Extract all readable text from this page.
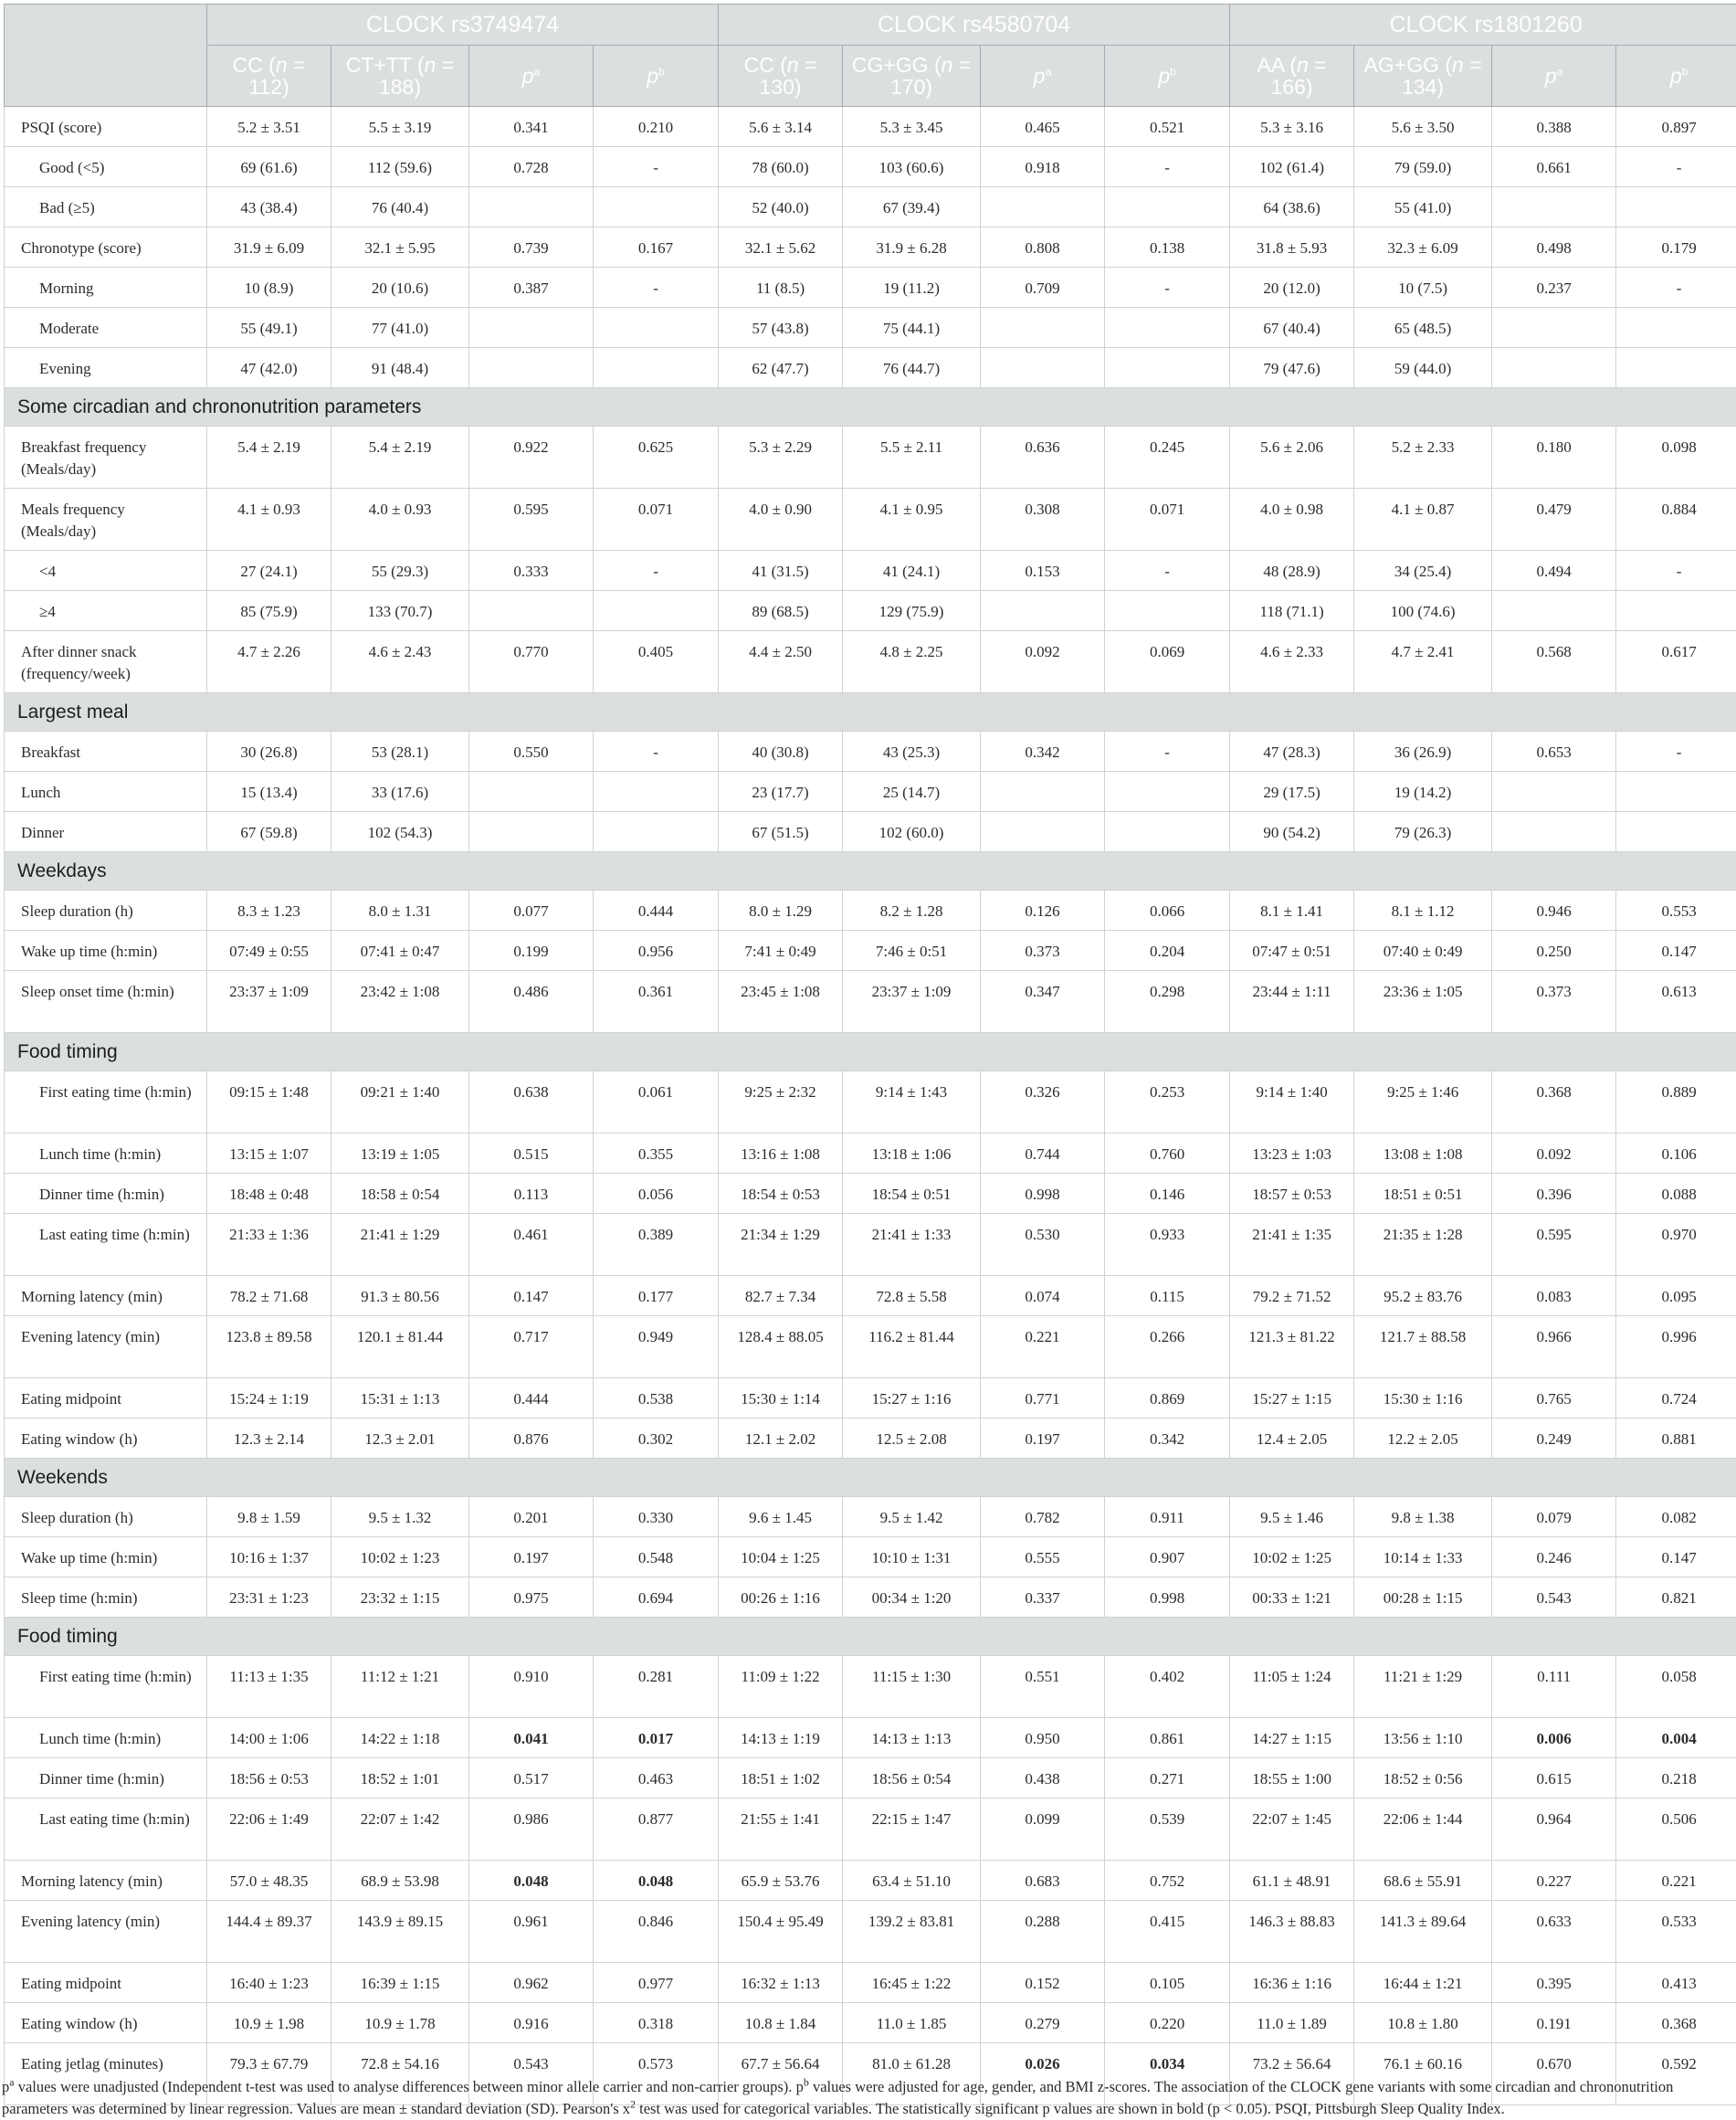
	CLOCK rs3749474				CLOCK rs4580704				CLOCK rs1801260			
	CC (n = 112)	CT+TT (n = 188)	$p^a$	$p^b$	CC (n = 130)	CG+GG (n = 170)	$p^a$	$p^b$	AA (n = 166)	AG+GG (n = 134)	$p^a$	$p^b$
PSQI (score)	5.2 ± 3.51	5.5 ± 3.19	0.341	0.210	5.6 ± 3.14	5.3 ± 3.45	0.465	0.521	5.3 ± 3.16	5.6 ± 3.50	0.388	0.897
Good (<5)	69 (61.6)	112 (59.6)	0.728	-	78 (60.0)	103 (60.6)	0.918	-	102 (61.4)	79 (59.0)	0.661	-
Bad (≥5)	43 (38.4)	76 (40.4)			52 (40.0)	67 (39.4)			64 (38.6)	55 (41.0)		
Chronotype (score)	31.9 ± 6.09	32.1 ± 5.95	0.739	0.167	32.1 ± 5.62	31.9 ± 6.28	0.808	0.138	31.8 ± 5.93	32.3 ± 6.09	0.498	0.179
Morning	10 (8.9)	20 (10.6)	0.387	-	11 (8.5)	19 (11.2)	0.709	-	20 (12.0)	10 (7.5)	0.237	-
Moderate	55 (49.1)	77 (41.0)			57 (43.8)	75 (44.1)			67 (40.4)	65 (48.5)		
Evening	47 (42.0)	91 (48.4)			62 (47.7)	76 (44.7)			79 (47.6)	59 (44.0)		
Some circadian and chrononutrition parameters												
Breakfast frequency (Meals/day)	5.4 ± 2.19	5.4 ± 2.19	0.922	0.625	5.3 ± 2.29	5.5 ± 2.11	0.636	0.245	5.6 ± 2.06	5.2 ± 2.33	0.180	0.098
Meals frequency (Meals/day)	4.1 ± 0.93	4.0 ± 0.93	0.595	0.071	4.0 ± 0.90	4.1 ± 0.95	0.308	0.071	4.0 ± 0.98	4.1 ± 0.87	0.479	0.884
<4	27 (24.1)	55 (29.3)	0.333	-	41 (31.5)	41 (24.1)	0.153	-	48 (28.9)	34 (25.4)	0.494	-
≥4	85 (75.9)	133 (70.7)			89 (68.5)	129 (75.9)			118 (71.1)	100 (74.6)		
After dinner snack (frequency/week)	4.7 ± 2.26	4.6 ± 2.43	0.770	0.405	4.4 ± 2.50	4.8 ± 2.25	0.092	0.069	4.6 ± 2.33	4.7 ± 2.41	0.568	0.617
Largest meal												
Breakfast	30 (26.8)	53 (28.1)	0.550	-	40 (30.8)	43 (25.3)	0.342	-	47 (28.3)	36 (26.9)	0.653	-
Lunch	15 (13.4)	33 (17.6)			23 (17.7)	25 (14.7)			29 (17.5)	19 (14.2)		
Dinner	67 (59.8)	102 (54.3)			67 (51.5)	102 (60.0)			90 (54.2)	79 (26.3)		
Weekdays												
Sleep duration (h)	8.3 ± 1.23	8.0 ± 1.31	0.077	0.444	8.0 ± 1.29	8.2 ± 1.28	0.126	0.066	8.1 ± 1.41	8.1 ± 1.12	0.946	0.553
Wake up time (h:min)	07:49 ± 0:55	07:41 ± 0:47	0.199	0.956	7:41 ± 0:49	7:46 ± 0:51	0.373	0.204	07:47 ± 0:51	07:40 ± 0:49	0.250	0.147
Sleep onset time (h:min)	23:37 ± 1:09	23:42 ± 1:08	0.486	0.361	23:45 ± 1:08	23:37 ± 1:09	0.347	0.298	23:44 ± 1:11	23:36 ± 1:05	0.373	0.613
Food timing												
First eating time (h:min)	09:15 ± 1:48	09:21 ± 1:40	0.638	0.061	9:25 ± 2:32	9:14 ± 1:43	0.326	0.253	9:14 ± 1:40	9:25 ± 1:46	0.368	0.889
Lunch time (h:min)	13:15 ± 1:07	13:19 ± 1:05	0.515	0.355	13:16 ± 1:08	13:18 ± 1:06	0.744	0.760	13:23 ± 1:03	13:08 ± 1:08	0.092	0.106
Dinner time (h:min)	18:48 ± 0:48	18:58 ± 0:54	0.113	0.056	18:54 ± 0:53	18:54 ± 0:51	0.998	0.146	18:57 ± 0:53	18:51 ± 0:51	0.396	0.088
Last eating time (h:min)	21:33 ± 1:36	21:41 ± 1:29	0.461	0.389	21:34 ± 1:29	21:41 ± 1:33	0.530	0.933	21:41 ± 1:35	21:35 ± 1:28	0.595	0.970
Morning latency (min)	78.2 ± 71.68	91.3 ± 80.56	0.147	0.177	82.7 ± 7.34	72.8 ± 5.58	0.074	0.115	79.2 ± 71.52	95.2 ± 83.76	0.083	0.095
Evening latency (min)	123.8 ± 89.58	120.1 ± 81.44	0.717	0.949	128.4 ± 88.05	116.2 ± 81.44	0.221	0.266	121.3 ± 81.22	121.7 ± 88.58	0.966	0.996
Eating midpoint	15:24 ± 1:19	15:31 ± 1:13	0.444	0.538	15:30 ± 1:14	15:27 ± 1:16	0.771	0.869	15:27 ± 1:15	15:30 ± 1:16	0.765	0.724
Eating window (h)	12.3 ± 2.14	12.3 ± 2.01	0.876	0.302	12.1 ± 2.02	12.5 ± 2.08	0.197	0.342	12.4 ± 2.05	12.2 ± 2.05	0.249	0.881
Weekends												
Sleep duration (h)	9.8 ± 1.59	9.5 ± 1.32	0.201	0.330	9.6 ± 1.45	9.5 ± 1.42	0.782	0.911	9.5 ± 1.46	9.8 ± 1.38	0.079	0.082
Wake up time (h:min)	10:16 ± 1:37	10:02 ± 1:23	0.197	0.548	10:04 ± 1:25	10:10 ± 1:31	0.555	0.907	10:02 ± 1:25	10:14 ± 1:33	0.246	0.147
Sleep time (h:min)	23:31 ± 1:23	23:32 ± 1:15	0.975	0.694	00:26 ± 1:16	00:34 ± 1:20	0.337	0.998	00:33 ± 1:21	00:28 ± 1:15	0.543	0.821
Food timing												
First eating time (h:min)	11:13 ± 1:35	11:12 ± 1:21	0.910	0.281	11:09 ± 1:22	11:15 ± 1:30	0.551	0.402	11:05 ± 1:24	11:21 ± 1:29	0.111	0.058
Lunch time (h:min)	14:00 ± 1:06	14:22 ± 1:18	0.041	0.017	14:13 ± 1:19	14:13 ± 1:13	0.950	0.861	14:27 ± 1:15	13:56 ± 1:10	0.006	0.004
Dinner time (h:min)	18:56 ± 0:53	18:52 ± 1:01	0.517	0.463	18:51 ± 1:02	18:56 ± 0:54	0.438	0.271	18:55 ± 1:00	18:52 ± 0:56	0.615	0.218
Last eating time (h:min)	22:06 ± 1:49	22:07 ± 1:42	0.986	0.877	21:55 ± 1:41	22:15 ± 1:47	0.099	0.539	22:07 ± 1:45	22:06 ± 1:44	0.964	0.506
Morning latency (min)	57.0 ± 48.35	68.9 ± 53.98	0.048	0.048	65.9 ± 53.76	63.4 ± 51.10	0.683	0.752	61.1 ± 48.91	68.6 ± 55.91	0.227	0.221
Evening latency (min)	144.4 ± 89.37	143.9 ± 89.15	0.961	0.846	150.4 ± 95.49	139.2 ± 83.81	0.288	0.415	146.3 ± 88.83	141.3 ± 89.64	0.633	0.533
Eating midpoint	16:40 ± 1:23	16:39 ± 1:15	0.962	0.977	16:32 ± 1:13	16:45 ± 1:22	0.152	0.105	16:36 ± 1:16	16:44 ± 1:21	0.395	0.413
Eating window (h)	10.9 ± 1.98	10.9 ± 1.78	0.916	0.318	10.8 ± 1.84	11.0 ± 1.85	0.279	0.220	11.0 ± 1.89	10.8 ± 1.80	0.191	0.368
Eating jetlag (minutes)	79.3 ± 67.79	72.8 ± 54.16	0.543	0.573	67.7 ± 56.64	81.0 ± 61.28	0.026	0.034	73.2 ± 56.64	76.1 ± 60.16	0.670	0.592
$p^a$ values were unadjusted (Independent t-test was used to analyse differences between minor allele carrier and non-carrier groups). $p^b$ values were adjusted for age, gender, and BMI z-scores. The association of the CLOCK gene variants with some circadian and chrononutrition parameters was determined by linear regression. Values are mean ± standard deviation (SD). Pearson's $x^2$ test was used for categorical variables. The statistically significant p values are shown in bold (p < 0.05). PSQI, Pittsburgh Sleep Quality Index.
